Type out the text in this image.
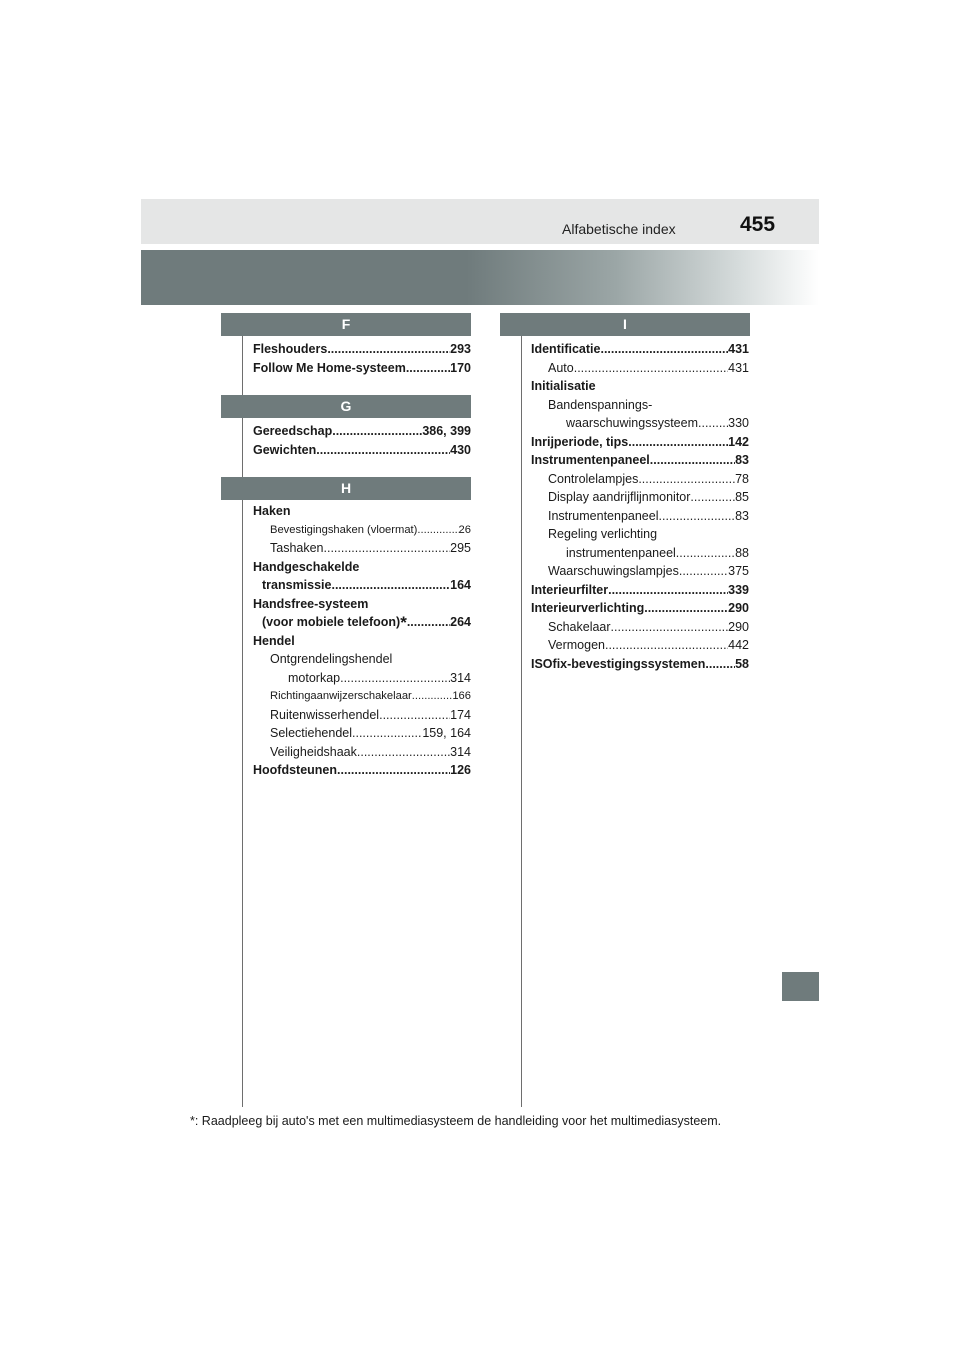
Alfabetische index	455
F
Fleshouders .....	293
Follow Me Home-systeem .....	170
G
Gereedschap .....	386, 399
Gewichten .....	430
H
Haken
Bevestigingshaken (vloermat) .....	26
Tashaken .....	295
Handgeschakelde
transmissie .....	164
Handsfree-systeem
(voor mobiele telefoon)* .....	264
Hendel
Ontgrendelingshendel
motorkap .....	314
Richtingaanwijzerschakelaar .....	166
Ruitenwisserhendel .....	174
Selectiehendel .....	159, 164
Veiligheidshaak .....	314
Hoofdsteunen .....	126
I
Identificatie .....	431
Auto .....	431
Initialisatie
Bandenspannings-
waarschuwingssysteem ..... 330
Inrijperiode, tips .....	142
Instrumentenpaneel .....	83
Controlelampjes .....	78
Display aandrijflijnmonitor .....	85
Instrumentenpaneel .....	83
Regeling verlichting
instrumentenpaneel .....	88
Waarschuwingslampjes .....	375
Interieurfilter .....	339
Interieurverlichting .....	290
Schakelaar .....	290
Vermogen .....	442
ISOfix-bevestigingssystemen ..... 58
*: Raadpleeg bij auto's met een multimediasysteem de handleiding voor het multimediasysteem.
